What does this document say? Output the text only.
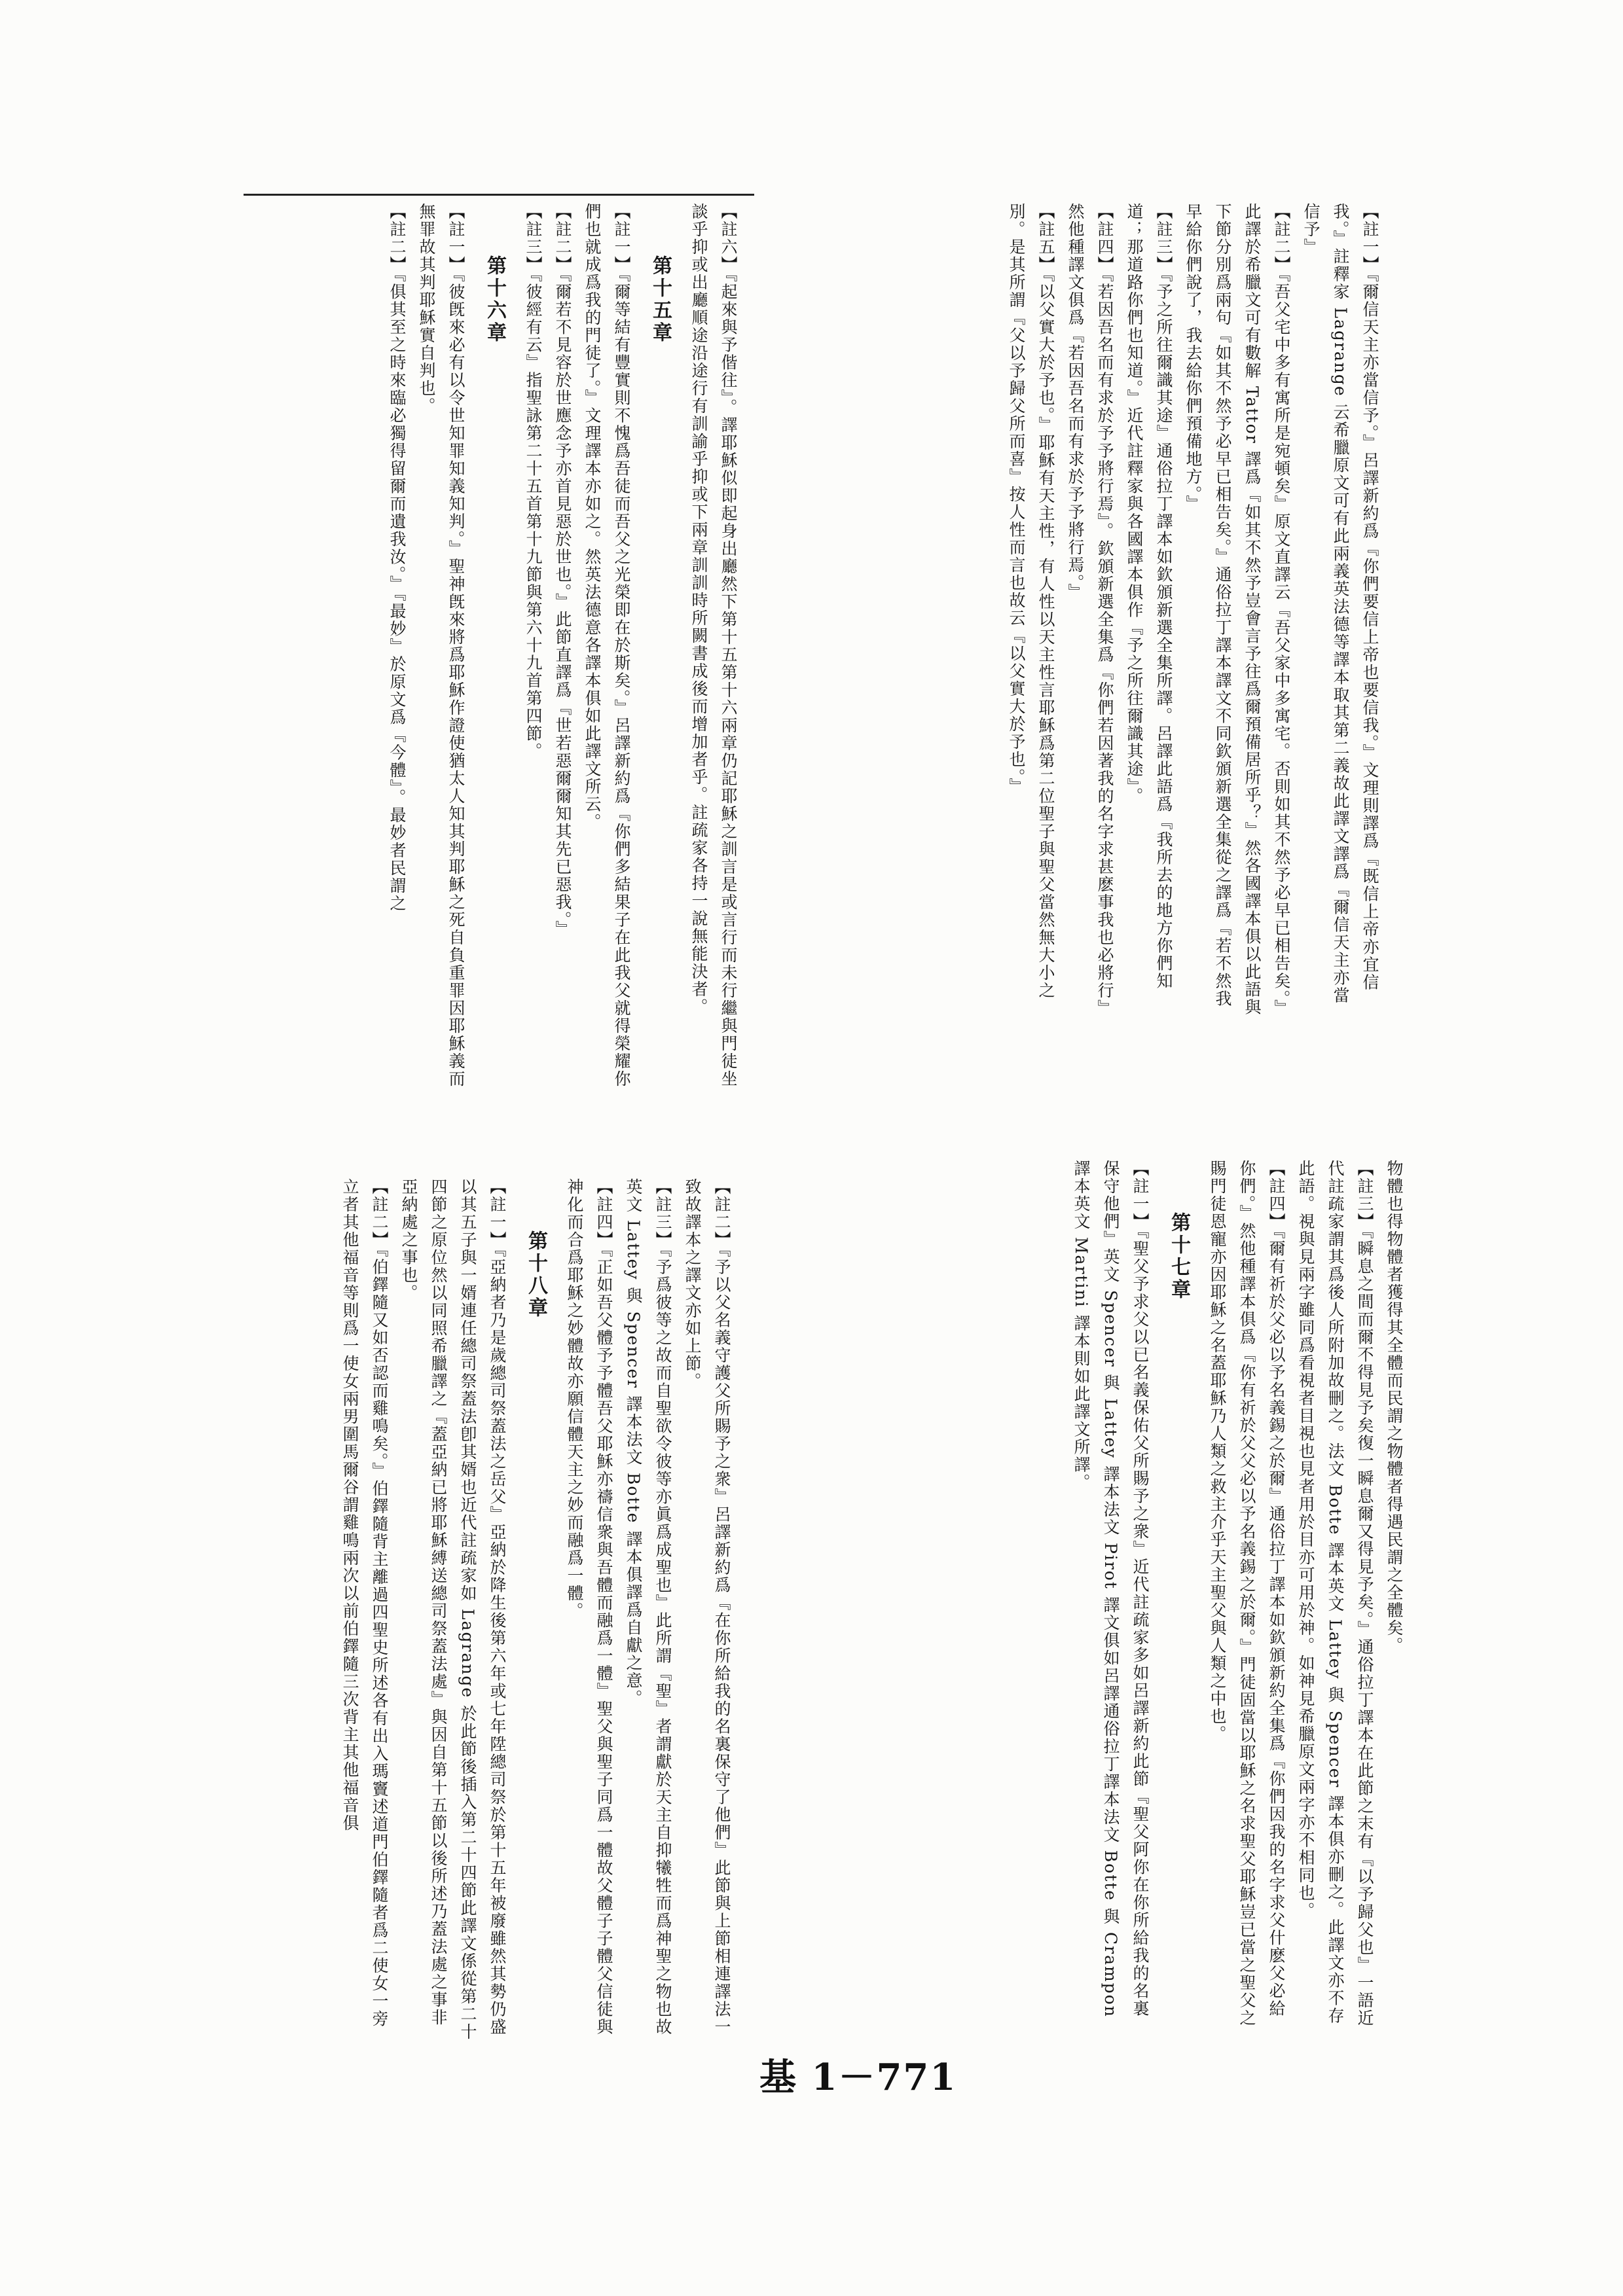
【註一】『爾信天主亦當信予。』呂譯新約爲『你們要信上帝也要信我。』文理則譯爲『既信上帝亦宜信我。』註釋家 Lagrange 云希臘原文可有此兩義英法德等譯本取其第二義故此譯文譯爲『爾信天主亦當信予』

【註二】『吾父宅中多有寓所是宛頓矣』原文直譯云『吾父家中多寓宅。否則如其不然予必早已相告矣。』此譯於希臘文可有數解 Tattor 譯爲『如其不然予豈會言予往爲爾預備居所乎？』然各國譯本俱以此語與下節分別爲兩句『如其不然予必早已相告矣。』通俗拉丁譯本譯文不同欽頒新選全集從之譯爲『若不然我早給你們說了，我去給你們預備地方。』

【註三】『予之所往爾識其途』通俗拉丁譯本如欽頒新選全集所譯。呂譯此語爲『我所去的地方你們知道；那道路你們也知道。』近代註釋家與各國譯本俱作『予之所往爾識其途』。

【註四】『若因吾名而有求於予予將行焉』。欽頒新選全集爲『你們若因著我的名字求甚麽事我也必將行』然他種譯文俱爲『若因吾名而有求於予予將行焉。』

【註五】『以父實大於予也。』耶穌有天主性，有人性以天主性言耶穌爲第二位聖子與聖父當然無大小之別。是其所謂『父以予歸父所而喜』按人性而言也故云『以父實大於予也。』

【註六】『起來與予偕往』。譯耶穌似即起身出廳然下第十五第十六兩章仍記耶穌之訓言是或言行而未行繼與門徒坐談乎抑或出廳順途沿途行有訓諭乎抑或下兩章訓訓時所闕書成後而增加者乎。註疏家各持一說無能決者。

第十五章

【註一】『爾等結有豐實則不愧爲吾徒而吾父之光榮即在於斯矣。』呂譯新約爲『你們多結果子在此我父就得榮耀你們也就成爲我的門徒了。』文理譯本亦如之。然英法德意各譯本俱如此譯文所云。

【註二】『爾若不見容於世應念予亦首見惡於世也。』此節直譯爲『世若惡爾爾知其先已惡我。』

【註三】『彼經有云』指聖詠第二十五首第十九節與第六十九首第四節。

第十六章

【註一】『彼旣來必有以令世知罪知義知判。』聖神旣來將爲耶穌作證使猶太人知其判耶穌之死自負重罪因耶穌義而無罪故其判耶穌實自判也。

【註二】『俱其至之時來臨必獨得留爾而遺我汝。』『最妙』於原文爲『今體』。最妙者民謂之

物體也得物體者獲得其全體而民謂之物體者得遇民謂之全體矣。

【註三】『瞬息之間而爾不得見予矣復一瞬息爾又得見予矣。』通俗拉丁譯本在此節之末有『以予歸父也』一語近代註疏家謂其爲後人所附加故刪之。法文 Botte 譯本英文 Lattey 與 Spencer 譯本俱亦刪之。此譯文亦不存此語。視與見兩字雖同爲看視者目視也見者用於目亦可用於神。如神見希臘原文兩字亦不相同也。

【註四】『爾有祈於父必以予名義錫之於爾』通俗拉丁譯本如欽頒新約全集爲『你們因我的名字求父什麽父必給你們。』然他種譯本俱爲『你有祈於父父必以予名義錫之於爾。』門徒固當以耶穌之名求聖父耶穌豈已當之聖父之賜門徒恩寵亦因耶穌之名蓋耶穌乃人類之救主介乎天主聖父與人類之中也。

第十七章

【註一】『聖父予求父以已名義保佑父所賜予之衆』近代註疏家多如呂譯新約此節『聖父阿你在你所給我的名裏保守他們』英文 Spencer 與 Lattey 譯本法文 Pirot 譯文俱如呂譯通俗拉丁譯本法文 Botte 與 Crampon 譯本英文 Martini 譯本則如此譯文所譯。

【註二】『予以父名義守護父所賜予之衆』呂譯新約爲『在你所給我的名裏保守了他們』此節與上節相連譯法一致故譯本之譯文亦如上節。

【註三】『予爲彼等之故而自聖欲令彼等亦眞爲成聖也』此所謂『聖』者謂獻於天主自抑犧牲而爲神聖之物也故英文 Lattey 與 Spencer 譯本法文 Botte 譯本俱譯爲自獻之意。

【註四】『正如吾父體予予體吾父耶穌亦禱信衆與吾體而融爲一體』聖父與聖子同爲一體故父體子子體父信徒與神化而合爲耶穌之妙體故亦願信體天主之妙而融爲一體。

第十八章

【註一】『亞納者乃是歲總司祭蓋法之岳父』亞納於降生後第六年或七年陞總司祭於第十五年被廢雖然其勢仍盛以其五子與一婿連任總司祭蓋法卽其婿也近代註疏家如 Lagrange 於此節後插入第二十四節此譯文係從第二十四節之原位然以同照希臘譯之『蓋亞納已將耶穌縛送總司祭蓋法處』與因自第十五節以後所述乃蓋法處之事非亞納處之事也。

【註二】『伯鐸隨又如否認而雞鳴矣。』伯鐸隨背主離過四聖史所述各有出入瑪竇述道門伯鐸隨者爲二使女一旁立者其他福音等則爲一使女兩男圍馬爾谷謂雞鳴兩次以前伯鐸隨三次背主其他福音俱

基 1－771
